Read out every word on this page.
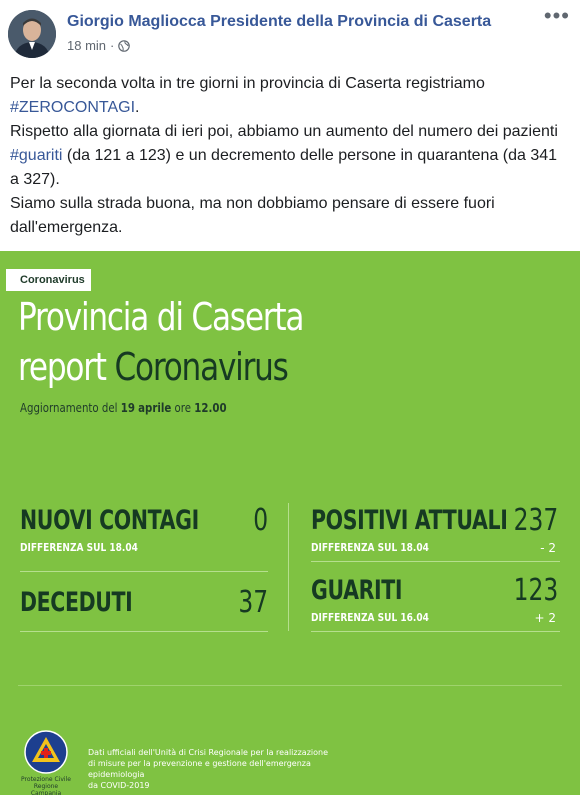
Giorgio Magliocca Presidente della Provincia di Caserta
18 min ·
•••

Per la seconda volta in tre giorni in provincia di Caserta registriamo
#ZEROCONTAGI.

Rispetto alla giornata di ieri poi, abbiamo un aumento del numero dei pazienti #guariti (da 121 a 123) e un decremento delle persone in quarantena (da 341 a 327).

Siamo sulla strada buona, ma non dobbiamo pensare di essere fuori dall'emergenza.

Coronavirus
Provincia di Caserta
report Coronavirus
Aggiornamento del 19 aprile ore 12.00
NUOVI CONTAGI
DIFFERENZA SUL 18.04
0
DECEDUTI	37
POSITIVI ATTUALI
DIFFERENZA SUL 18.04
237
- 2
GUARITI
DIFFERENZA SUL 16.04
123
+ 2
Protezione Civile
Regione Campania

Dati ufficiali dell'Unità di Crisi Regionale per la realizzazione

di misure per la prevenzione e gestione dell'emergenza epidemiologia

da COVID-2019
